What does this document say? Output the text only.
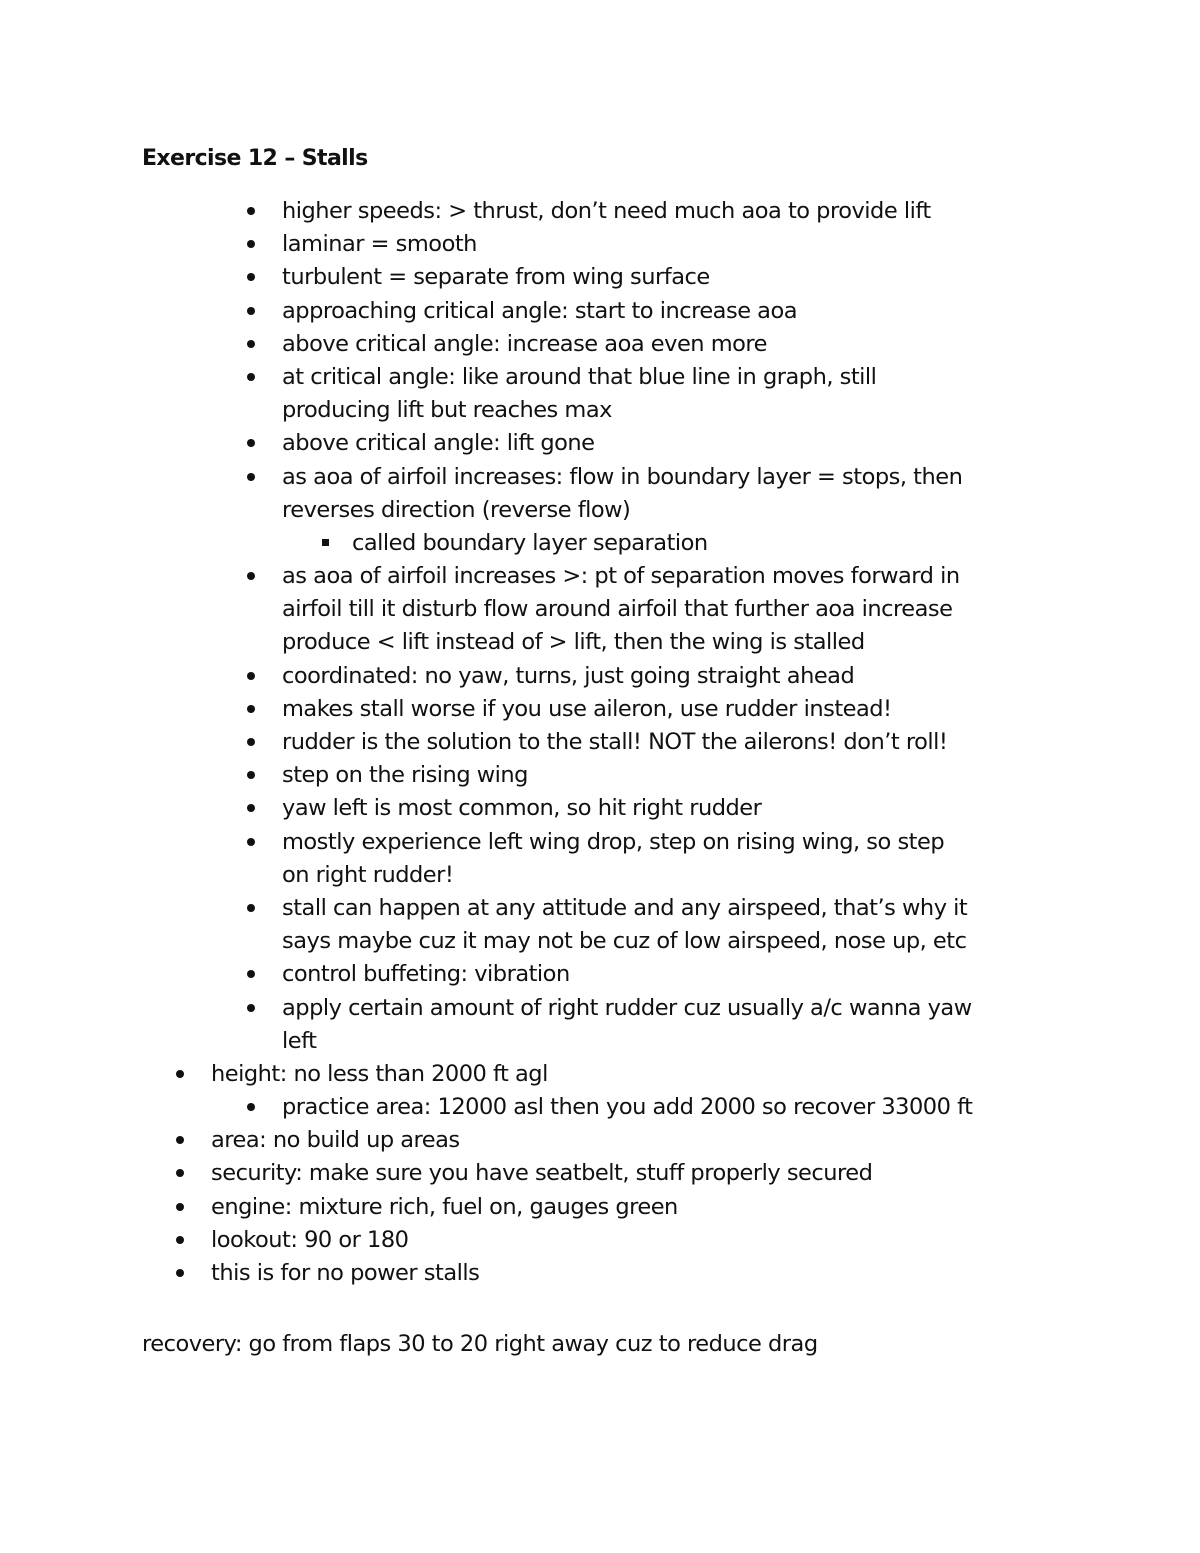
Exercise 12 – Stalls
higher speeds: > thrust, don’t need much aoa to provide lift
laminar = smooth
turbulent = separate from wing surface
approaching critical angle: start to increase aoa
above critical angle: increase aoa even more
at critical angle: like around that blue line in graph, still
producing lift but reaches max
above critical angle: lift gone
as aoa of airfoil increases: flow in boundary layer = stops, then
reverses direction (reverse flow)
called boundary layer separation
as aoa of airfoil increases >: pt of separation moves forward in
airfoil till it disturb flow around airfoil that further aoa increase
produce < lift instead of > lift, then the wing is stalled
coordinated: no yaw, turns, just going straight ahead
makes stall worse if you use aileron, use rudder instead!
rudder is the solution to the stall! NOT the ailerons! don’t roll!
step on the rising wing
yaw left is most common, so hit right rudder
mostly experience left wing drop, step on rising wing, so step
on right rudder!
stall can happen at any attitude and any airspeed, that’s why it
says maybe cuz it may not be cuz of low airspeed, nose up, etc
control buffeting: vibration
apply certain amount of right rudder cuz usually a/c wanna yaw
left
height: no less than 2000 ft agl
practice area: 12000 asl then you add 2000 so recover 33000 ft
area: no build up areas
security: make sure you have seatbelt, stuff properly secured
engine: mixture rich, fuel on, gauges green
lookout: 90 or 180
this is for no power stalls
recovery: go from flaps 30 to 20 right away cuz to reduce drag
